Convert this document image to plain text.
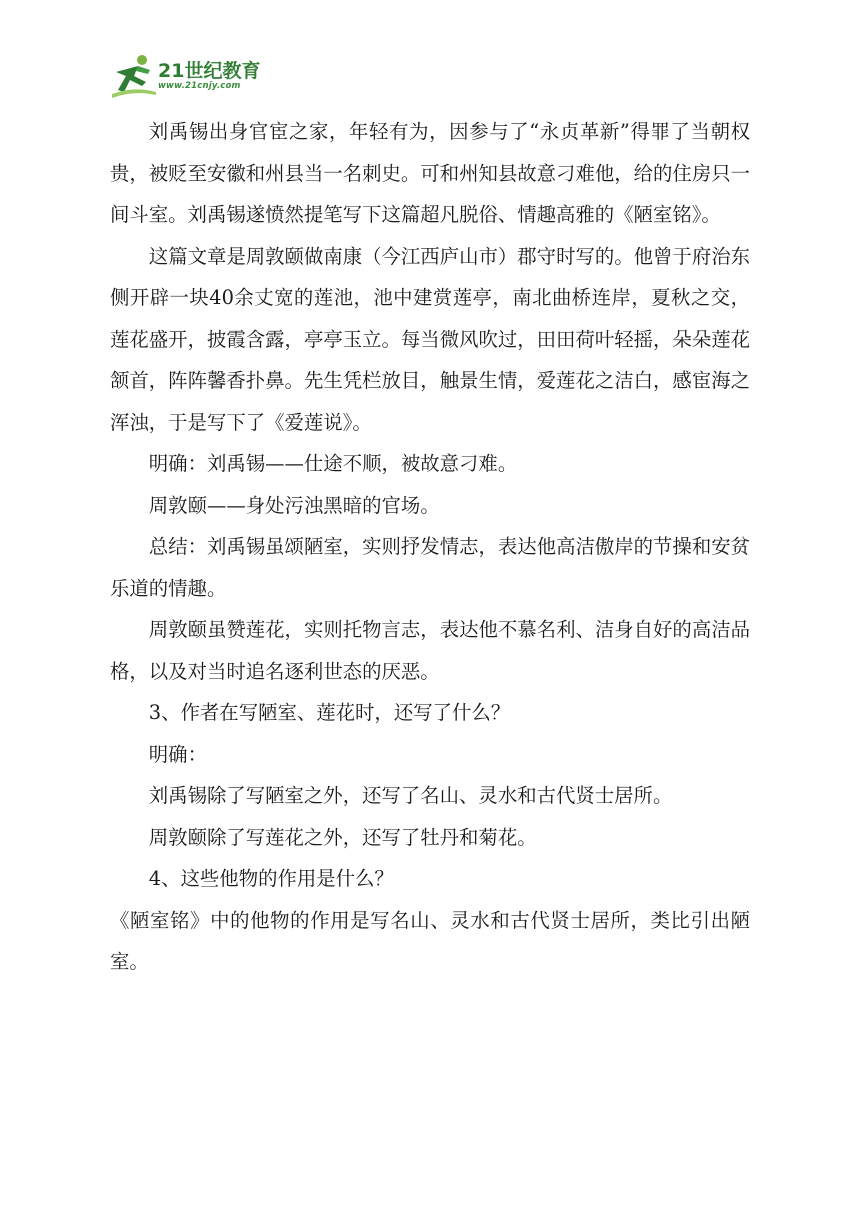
21世纪教育
www.21cnjy.com

刘禹锡出身官宦之家，年轻有为，因参与了“永贞革新”得罪了当朝权贵，被贬至安徽和州县当一名刺史。可和州知县故意刁难他，给的住房只一间斗室。刘禹锡遂愤然提笔写下这篇超凡脱俗、情趣高雅的《陋室铭》。

这篇文章是周敦颐做南康（今江西庐山市）郡守时写的。他曾于府治东侧开辟一块40余丈宽的莲池，池中建赏莲亭，南北曲桥连岸，夏秋之交，莲花盛开，披霞含露，亭亭玉立。每当微风吹过，田田荷叶轻摇，朵朵莲花颔首，阵阵馨香扑鼻。先生凭栏放目，触景生情，爱莲花之洁白，感宦海之浑浊，于是写下了《爱莲说》。

明确：刘禹锡——仕途不顺，被故意刁难。

周敦颐——身处污浊黑暗的官场。

总结：刘禹锡虽颂陋室，实则抒发情志，表达他高洁傲岸的节操和安贫乐道的情趣。

周敦颐虽赞莲花，实则托物言志，表达他不慕名利、洁身自好的高洁品格，以及对当时追名逐利世态的厌恶。

3、作者在写陋室、莲花时，还写了什么？

明确：

刘禹锡除了写陋室之外，还写了名山、灵水和古代贤士居所。

周敦颐除了写莲花之外，还写了牡丹和菊花。

4、这些他物的作用是什么？

《陋室铭》中的他物的作用是写名山、灵水和古代贤士居所，类比引出陋室。
